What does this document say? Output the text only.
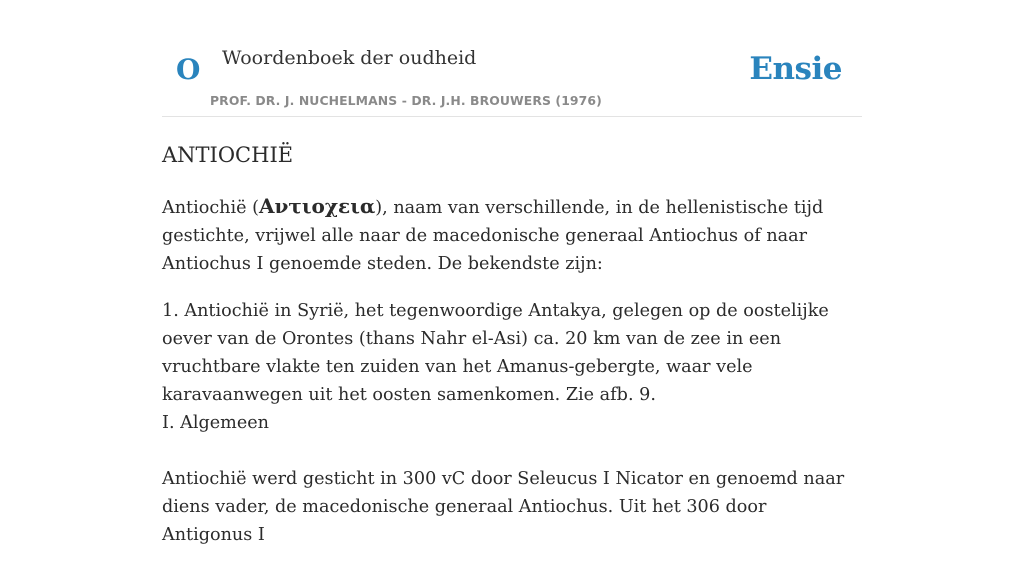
O Woordenboek der oudheid
PROF. DR. J. NUCHELMANS - DR. J.H. BROUWERS (1976)
Ensie
ANTIOCHIË

Antiochië (Αντιοχεια), naam van verschillende, in de hellenistische tijd gestichte, vrijwel alle naar de macedonische generaal Antiochus of naar Antiochus I genoemde steden. De bekendste zijn:

1. Antiochië in Syrië, het tegenwoordige Antakya, gelegen op de oostelijke oever van de Orontes (thans Nahr el-Asi) ca. 20 km van de zee in een vruchtbare vlakte ten zuiden van het Amanus-gebergte, waar vele karavaanwegen uit het oosten samenkomen. Zie afb. 9.
I. Algemeen

Antiochië werd gesticht in 300 vC door Seleucus I Nicator en genoemd naar diens vader, de macedonische generaal Antiochus. Uit het 306 door Antigonus I
